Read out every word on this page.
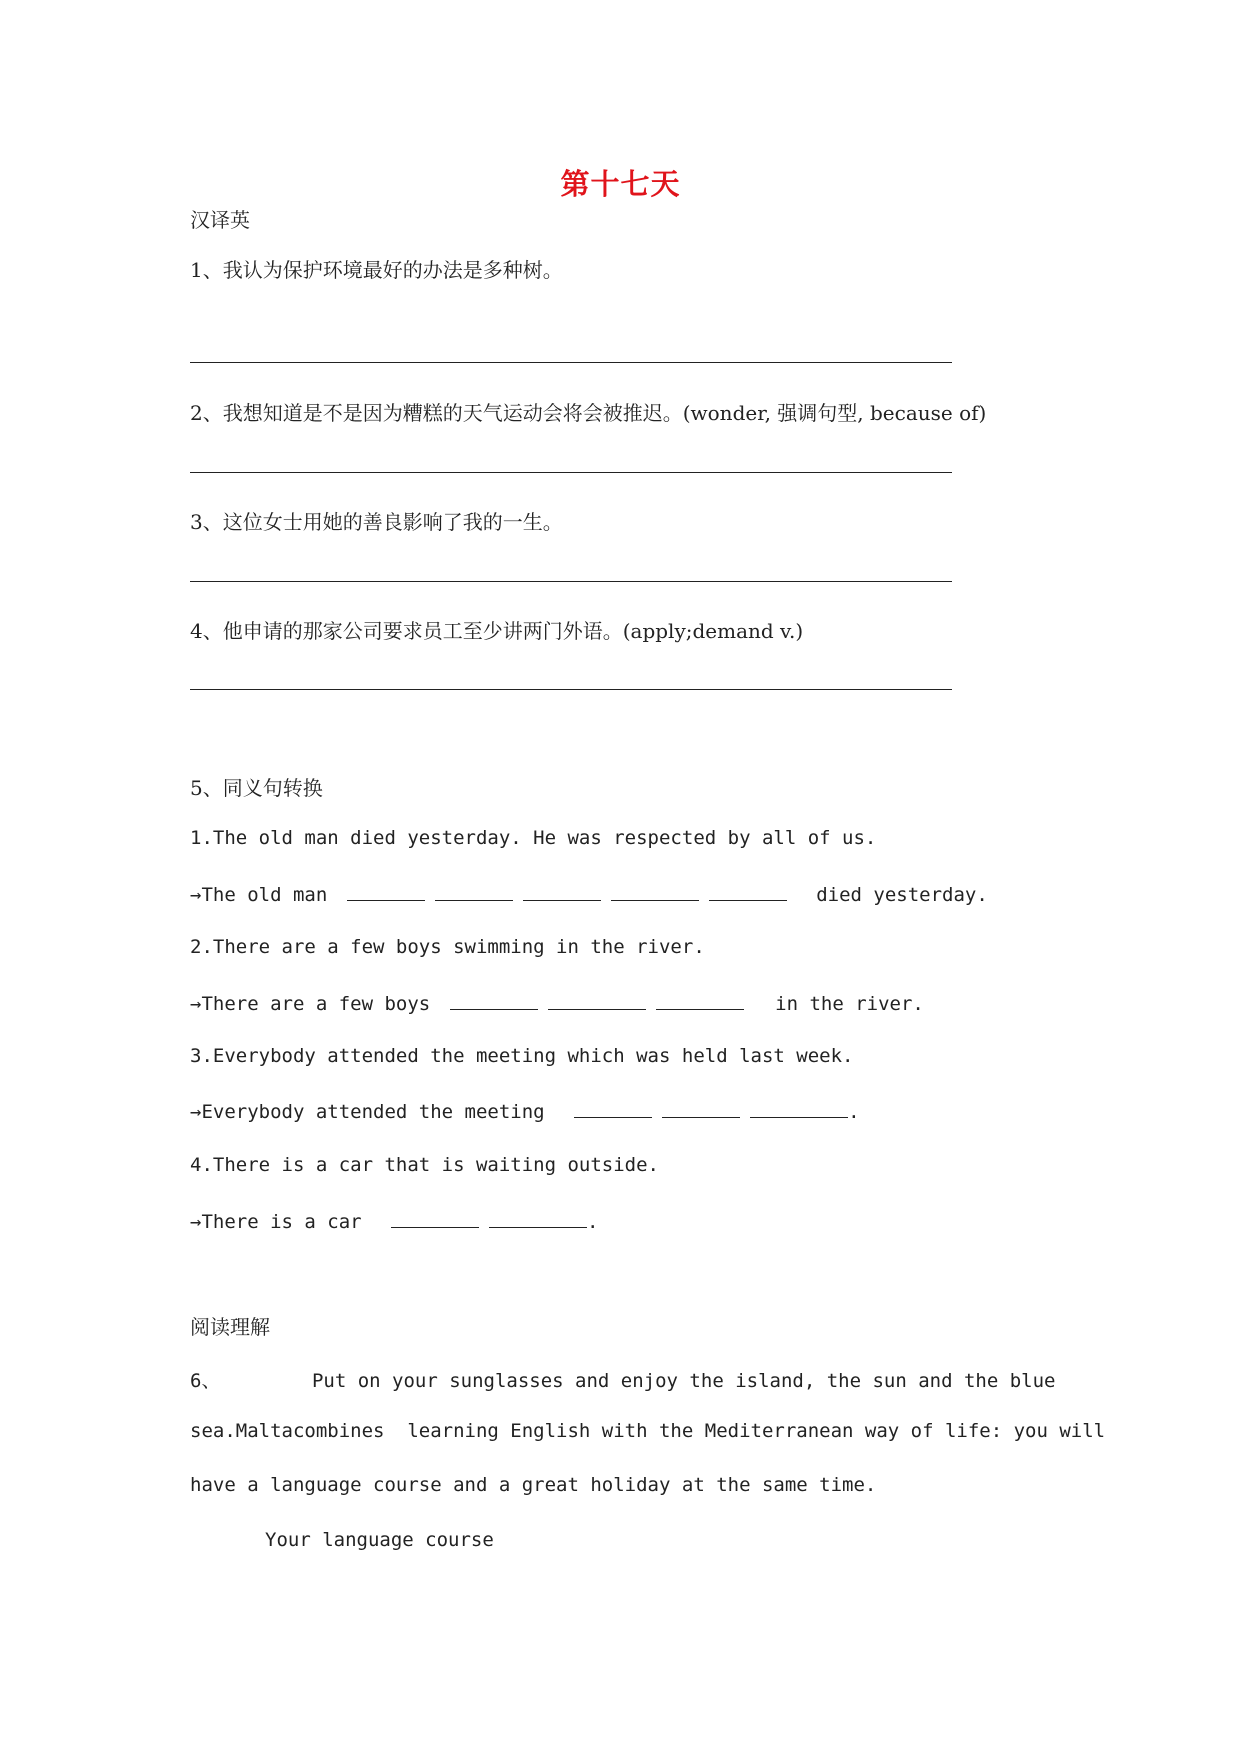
第十七天
汉译英
1、我认为保护环境最好的办法是多种树。
2、我想知道是不是因为糟糕的天气运动会将会被推迟。(wonder, 强调句型, because of)
3、这位女士用她的善良影响了我的一生。
4、他申请的那家公司要求员工至少讲两门外语。(apply;demand v.)
5、同义句转换
1.The old man died yesterday. He was respected by all of us.
→The old man	died yesterday.
2.There are a few boys swimming in the river.
→There are a few boys	in the river.
3.Everybody attended the meeting which was held last week.
→Everybody attended the meeting	.
4.There is a car that is waiting outside.
→There is a car	.
阅读理解
6、        Put on your sunglasses and enjoy the island, the sun and the blue
sea.Maltacombines  learning English with the Mediterranean way of life: you will
have a language course and a great holiday at the same time.
Your language course
